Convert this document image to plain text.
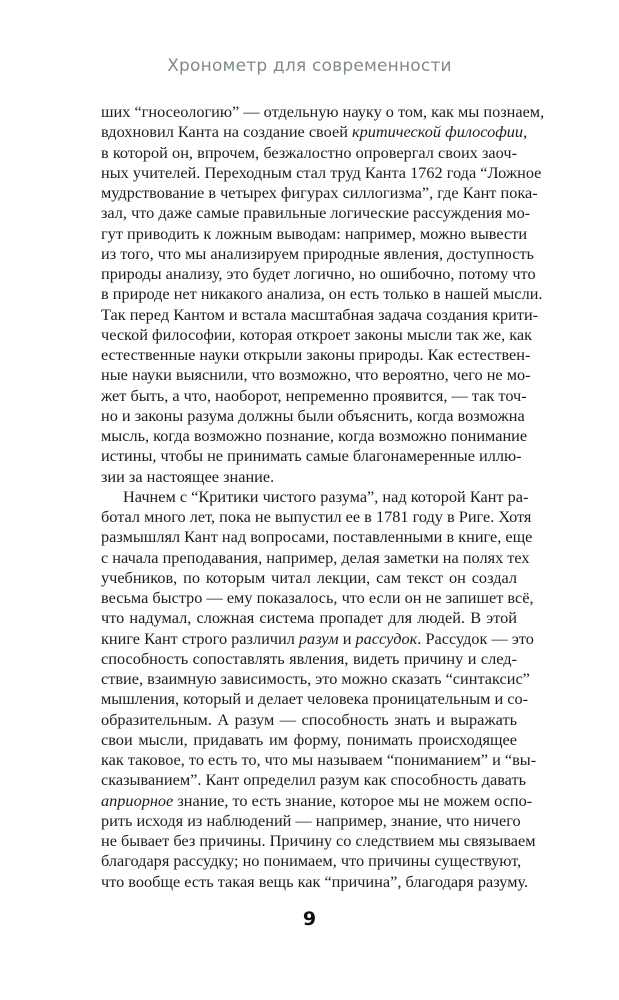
Хронометр для современности
ших “гносеологию” — отдельную науку о том, как мы познаем,
вдохновил Канта на создание своей критической философии,
в которой он, впрочем, безжалостно опровергал своих заоч-
ных учителей. Переходным стал труд Канта 1762 года “Ложное
мудрствование в четырех фигурах силлогизма”, где Кант пока-
зал, что даже самые правильные логические рассуждения мо-
гут приводить к ложным выводам: например, можно вывести
из того, что мы анализируем природные явления, доступность
природы анализу, это будет логично, но ошибочно, потому что
в природе нет никакого анализа, он есть только в нашей мысли.
Так перед Кантом и встала масштабная задача создания крити-
ческой философии, которая откроет законы мысли так же, как
естественные науки открыли законы природы. Как естествен-
ные науки выяснили, что возможно, что вероятно, чего не мо-
жет быть, а что, наоборот, непременно проявится, — так точ-
но и законы разума должны были объяснить, когда возможна
мысль, когда возможно познание, когда возможно понимание
истины, чтобы не принимать самые благонамеренные иллю-
зии за настоящее знание.
Начнем с “Критики чистого разума”, над которой Кант ра-
ботал много лет, пока не выпустил ее в 1781 году в Риге. Хотя
размышлял Кант над вопросами, поставленными в книге, еще
с начала преподавания, например, делая заметки на полях тех
учебников, по которым читал лекции, сам текст он создал
весьма быстро — ему показалось, что если он не запишет всё,
что надумал, сложная система пропадет для людей. В этой
книге Кант строго различил разум и рассудок. Рассудок — это
способность сопоставлять явления, видеть причину и след-
ствие, взаимную зависимость, это можно сказать “синтаксис”
мышления, который и делает человека проницательным и со-
образительным. А разум — способность знать и выражать
свои мысли, придавать им форму, понимать происходящее
как таковое, то есть то, что мы называем “пониманием” и “вы-
сказыванием”. Кант определил разум как способность давать
априорное знание, то есть знание, которое мы не можем оспо-
рить исходя из наблюдений — например, знание, что ничего
не бывает без причины. Причину со следствием мы связываем
благодаря рассудку; но понимаем, что причины существуют,
что вообще есть такая вещь как “причина”, благодаря разуму.
9
